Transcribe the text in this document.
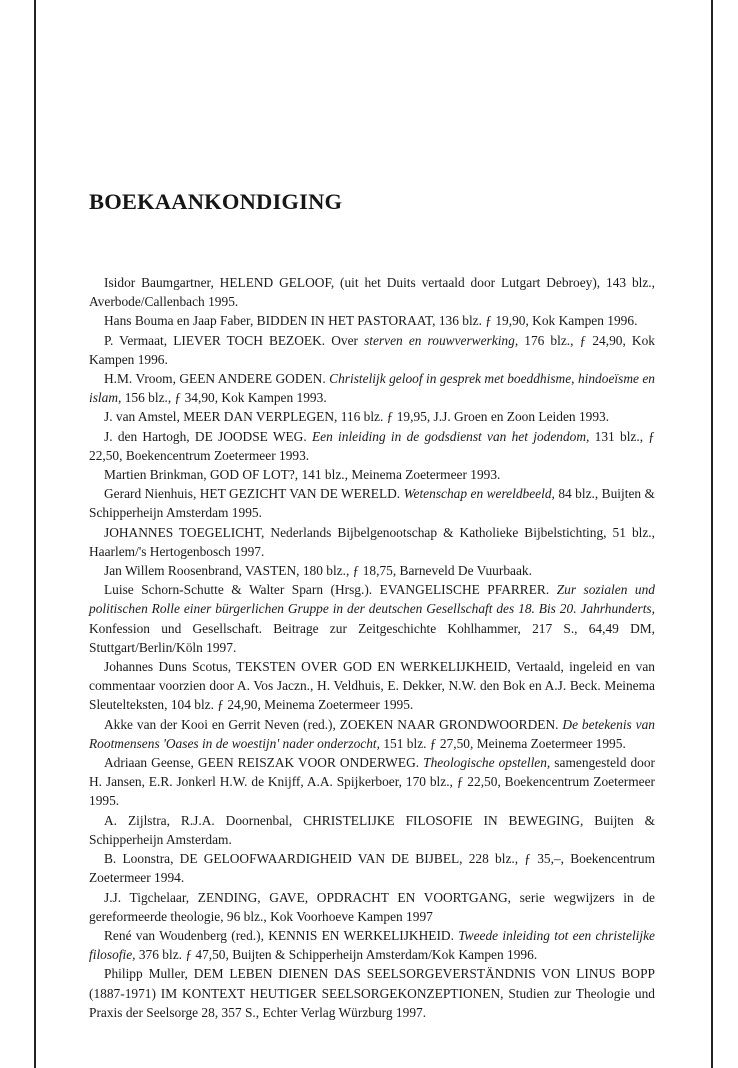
BOEKAANKONDIGING

Isidor Baumgartner, HELEND GELOOF, (uit het Duits vertaald door Lutgart Debroey), 143 blz., Averbode/Callenbach 1995.

Hans Bouma en Jaap Faber, BIDDEN IN HET PASTORAAT, 136 blz. ƒ 19,90, Kok Kampen 1996.

P. Vermaat, LIEVER TOCH BEZOEK. Over sterven en rouwverwerking, 176 blz., ƒ 24,90, Kok Kampen 1996.

H.M. Vroom, GEEN ANDERE GODEN. Christelijk geloof in gesprek met boeddhisme, hindoeïsme en islam, 156 blz., ƒ 34,90, Kok Kampen 1993.

J. van Amstel, MEER DAN VERPLEGEN, 116 blz. ƒ 19,95, J.J. Groen en Zoon Leiden 1993.

J. den Hartogh, DE JOODSE WEG. Een inleiding in de godsdienst van het jodendom, 131 blz., ƒ 22,50, Boekencentrum Zoetermeer 1993.

Martien Brinkman, GOD OF LOT?, 141 blz., Meinema Zoetermeer 1993.

Gerard Nienhuis, HET GEZICHT VAN DE WERELD. Wetenschap en wereldbeeld, 84 blz., Buijten & Schipperheijn Amsterdam 1995.

JOHANNES TOEGELICHT, Nederlands Bijbelgenootschap & Katholieke Bijbelstichting, 51 blz., Haarlem/'s Hertogenbosch 1997.

Jan Willem Roosenbrand, VASTEN, 180 blz., ƒ 18,75, Barneveld De Vuurbaak.

Luise Schorn-Schutte & Walter Sparn (Hrsg.). EVANGELISCHE PFARRER. Zur sozialen und politischen Rolle einer bürgerlichen Gruppe in der deutschen Gesellschaft des 18. Bis 20. Jahrhunderts, Konfession und Gesellschaft. Beitrage zur Zeitgeschichte Kohlhammer, 217 S., 64,49 DM, Stuttgart/Berlin/Köln 1997.

Johannes Duns Scotus, TEKSTEN OVER GOD EN WERKELIJKHEID, Vertaald, ingeleid en van commentaar voorzien door A. Vos Jaczn., H. Veldhuis, E. Dekker, N.W. den Bok en A.J. Beck. Meinema Sleutelteksten, 104 blz. ƒ 24,90, Meinema Zoetermeer 1995.

Akke van der Kooi en Gerrit Neven (red.), ZOEKEN NAAR GRONDWOORDEN. De betekenis van Rootmensens 'Oases in de woestijn' nader onderzocht, 151 blz. ƒ 27,50, Meinema Zoetermeer 1995.

Adriaan Geense, GEEN REISZAK VOOR ONDERWEG. Theologische opstellen, samengesteld door H. Jansen, E.R. Jonkerl H.W. de Knijff, A.A. Spijkerboer, 170 blz., ƒ 22,50, Boekencentrum Zoetermeer 1995.

A. Zijlstra, R.J.A. Doornenbal, CHRISTELIJKE FILOSOFIE IN BEWEGING, Buijten & Schipperheijn Amsterdam.

B. Loonstra, DE GELOOFWAARDIGHEID VAN DE BIJBEL, 228 blz., ƒ 35,–, Boekencentrum Zoetermeer 1994.

J.J. Tigchelaar, ZENDING, GAVE, OPDRACHT EN VOORTGANG, serie wegwijzers in de gereformeerde theologie, 96 blz., Kok Voorhoeve Kampen 1997

René van Woudenberg (red.), KENNIS EN WERKELIJKHEID. Tweede inleiding tot een christelijke filosofie, 376 blz. ƒ 47,50, Buijten & Schipperheijn Amsterdam/Kok Kampen 1996.

Philipp Muller, DEM LEBEN DIENEN DAS SEELSORGEVERSTÄNDNIS VON LINUS BOPP (1887-1971) IM KONTEXT HEUTIGER SEELSORGEKONZEPTIONEN, Studien zur Theologie und Praxis der Seelsorge 28, 357 S., Echter Verlag Würzburg 1997.
